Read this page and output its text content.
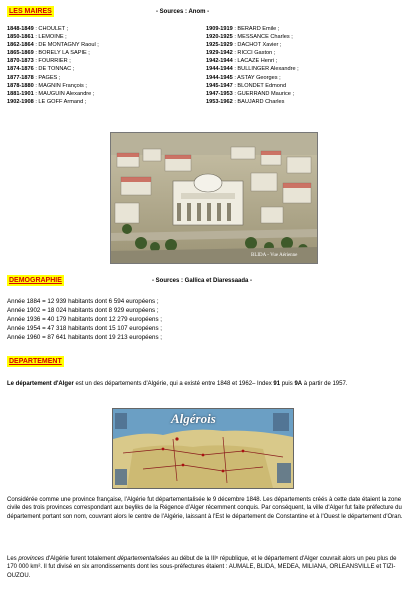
LES MAIRES	- Sources : Anom -
1848-1849 : CHOULET ;
1850-1861 : LEMOINE ;
1862-1864 : DE MONTAGNY Raoul ;
1865-1869 : BORELY LA SAPIE ;
1870-1873 : FOURRIER ;
1874-1876 : DE TONNAC ;
1877-1878 : PAGES ;
1878-1880 : MAGNIN François ;
1881-1901 : MAUGUIN Alexandre ;
1902-1908 : LE GOFF Armand ;
1909-1919 : BERARD Emile ;
1920-1925 : MESSANCE Charles ;
1925-1929 : DACHOT Xavier ;
1929-1942 : RICCI Gaston ;
1942-1944 : LACAZE Henri ;
1944-1944 : BULLINGER Alexandre ;
1944-1945 : ASTAY Georges ;
1945-1947 : BLONDET Edmond
1947-1953 : GUERRAND Maurice ;
1953-1962 : BAUJARD Charles
BLIDA - Vue Aérienne
DEMOGRAPHIE	- Sources : Gallica et Diaressaada -
Année 1884 = 12 939 habitants dont 6 594 européens ;
Année 1902 = 18 024 habitants dont 8 929 européens ;
Année 1936 = 40 179 habitants dont 12 279 européens ;
Année 1954 = 47 318 habitants dont 15 107 européens ;
Année 1960 = 87 641 habitants dont 19 213 européens ;
DEPARTEMENT
Le département d'Alger est un des départements d'Algérie, qui a existé entre 1848 et 1962– Index 91 puis 9A à partir de 1957.
Algérois
Considérée comme une province française, l'Algérie fut départementalisée le 9 décembre 1848. Les départements créés à cette date étaient la zone civile des trois provinces correspondant aux beyliks de la Régence d'Alger récemment conquis. Par conséquent, la ville d'Alger fut faite préfecture du département portant son nom, couvrant alors le centre de l'Algérie, laissant à l'Est le département de Constantine et à l'Ouest le département d'Oran.
Les provinces d'Algérie furent totalement départementalisées au début de la IIIᵉ république, et le département d'Alger couvrait alors un peu plus de 170 000 km². Il fut divisé en six arrondissements dont les sous-préfectures étaient : AUMALE, BLIDA, MEDEA, MILIANA, ORLEANSVILLE et TIZI-OUZOU.
